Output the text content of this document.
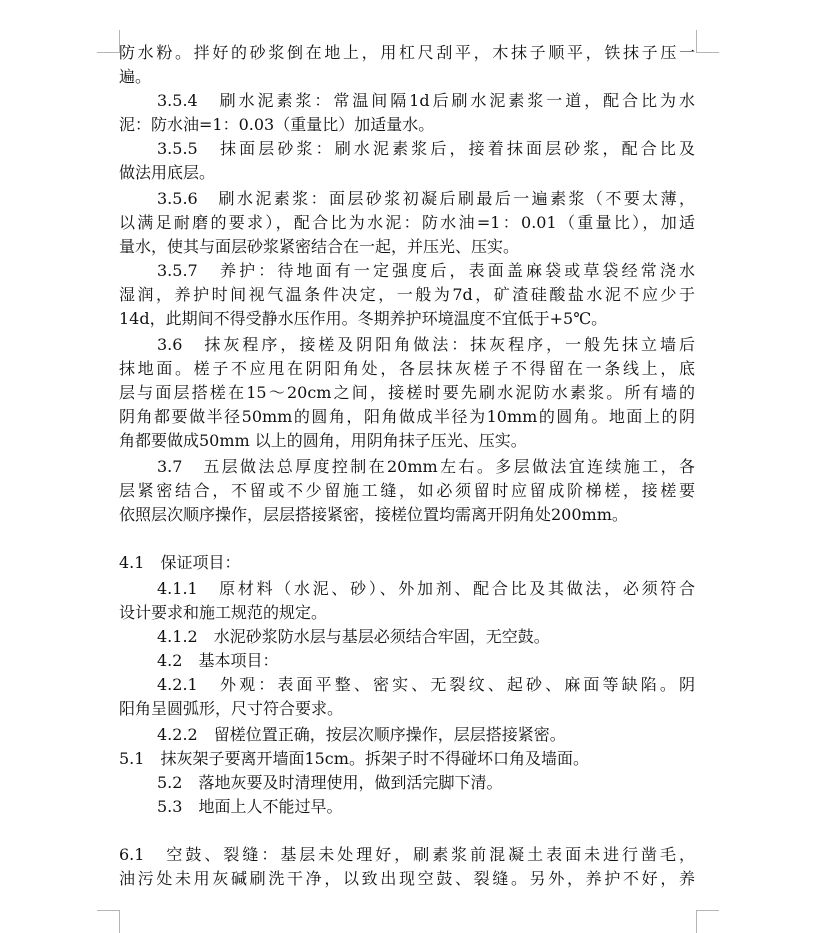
防水粉。拌好的砂浆倒在地上，用杠尺刮平，木抹子顺平，铁抹子压一
遍。
3.5.4　刷水泥素浆：常温间隔1d后刷水泥素浆一道，配合比为水
泥：防水油=1：0.03（重量比）加适量水。
3.5.5　抹面层砂浆：刷水泥素浆后，接着抹面层砂浆，配合比及
做法用底层。
3.5.6　刷水泥素浆：面层砂浆初凝后刷最后一遍素浆（不要太薄，
以满足耐磨的要求），配合比为水泥：防水油=1：0.01（重量比），加适
量水，使其与面层砂浆紧密结合在一起，并压光、压实。
3.5.7　养护：待地面有一定强度后，表面盖麻袋或草袋经常浇水
湿润，养护时间视气温条件决定，一般为7d，矿渣硅酸盐水泥不应少于
14d，此期间不得受静水压作用。冬期养护环境温度不宜低于+5℃。
3.6　抹灰程序，接槎及阴阳角做法：抹灰程序，一般先抹立墙后
抹地面。槎子不应甩在阴阳角处，各层抹灰槎子不得留在一条线上，底
层与面层搭槎在15～20cm之间，接槎时要先刷水泥防水素浆。所有墙的
阴角都要做半径50mm的圆角，阳角做成半径为10mm的圆角。地面上的阴
角都要做成50mm 以上的圆角，用阴角抹子压光、压实。
3.7　五层做法总厚度控制在20mm左右。多层做法宜连续施工，各
层紧密结合，不留或不少留施工缝，如必须留时应留成阶梯槎，接槎要
依照层次顺序操作，层层搭接紧密，接槎位置均需离开阴角处200mm。
4.1　保证项目：
4.1.1　原材料（水泥、砂）、外加剂、配合比及其做法，必须符合
设计要求和施工规范的规定。
4.1.2　水泥砂浆防水层与基层必须结合牢固，无空鼓。
4.2　基本项目：
4.2.1　外观：表面平整、密实、无裂纹、起砂、麻面等缺陷。阴
阳角呈圆弧形，尺寸符合要求。
4.2.2　留槎位置正确，按层次顺序操作，层层搭接紧密。
5.1　抹灰架子要离开墙面15cm。拆架子时不得碰坏口角及墙面。
5.2　落地灰要及时清理使用，做到活完脚下清。
5.3　地面上人不能过早。
6.1　空鼓、裂缝：基层未处理好，刷素浆前混凝土表面未进行凿毛，
油污处未用灰碱刷洗干净，以致出现空鼓、裂缝。另外，养护不好，养
